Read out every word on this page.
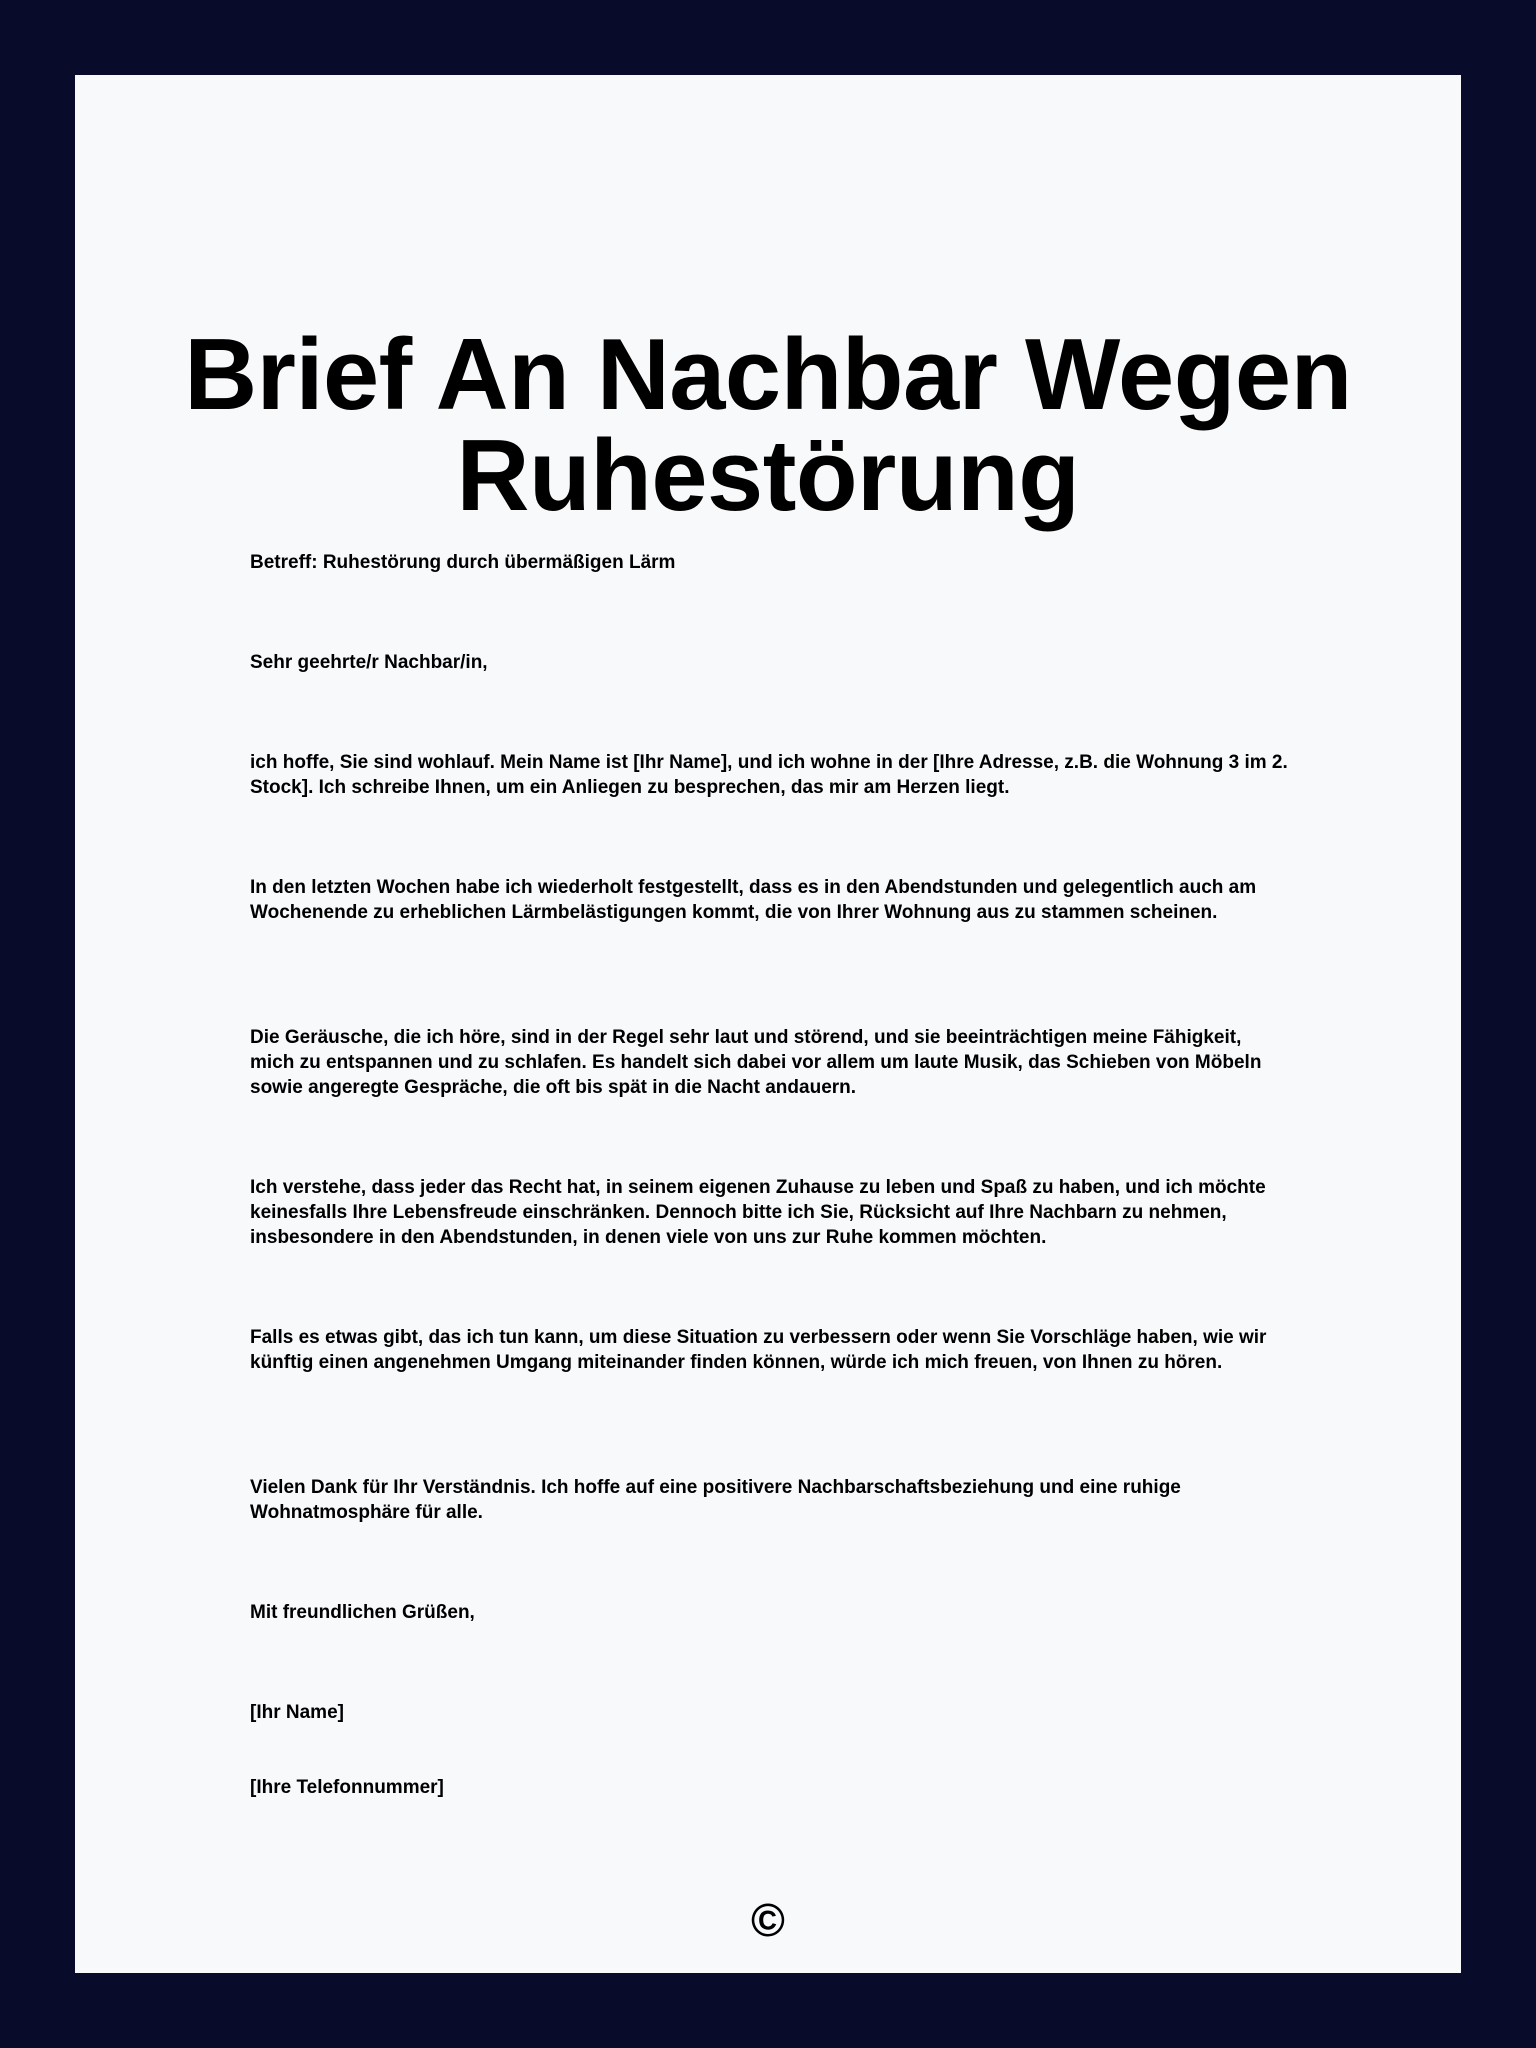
Brief An Nachbar Wegen Ruhestörung

Betreff: Ruhestörung durch übermäßigen Lärm

Sehr geehrte/r Nachbar/in,

ich hoffe, Sie sind wohlauf. Mein Name ist [Ihr Name], und ich wohne in der [Ihre Adresse, z.B. die Wohnung 3 im 2. Stock]. Ich schreibe Ihnen, um ein Anliegen zu besprechen, das mir am Herzen liegt.

In den letzten Wochen habe ich wiederholt festgestellt, dass es in den Abendstunden und gelegentlich auch am Wochenende zu erheblichen Lärmbelästigungen kommt, die von Ihrer Wohnung aus zu stammen scheinen.

Die Geräusche, die ich höre, sind in der Regel sehr laut und störend, und sie beeinträchtigen meine Fähigkeit, mich zu entspannen und zu schlafen. Es handelt sich dabei vor allem um laute Musik, das Schieben von Möbeln sowie angeregte Gespräche, die oft bis spät in die Nacht andauern.

Ich verstehe, dass jeder das Recht hat, in seinem eigenen Zuhause zu leben und Spaß zu haben, und ich möchte keinesfalls Ihre Lebensfreude einschränken. Dennoch bitte ich Sie, Rücksicht auf Ihre Nachbarn zu nehmen, insbesondere in den Abendstunden, in denen viele von uns zur Ruhe kommen möchten.

Falls es etwas gibt, das ich tun kann, um diese Situation zu verbessern oder wenn Sie Vorschläge haben, wie wir künftig einen angenehmen Umgang miteinander finden können, würde ich mich freuen, von Ihnen zu hören.

Vielen Dank für Ihr Verständnis. Ich hoffe auf eine positivere Nachbarschaftsbeziehung und eine ruhige Wohnatmosphäre für alle.

Mit freundlichen Grüßen,

[Ihr Name]

[Ihre Telefonnummer]

©
